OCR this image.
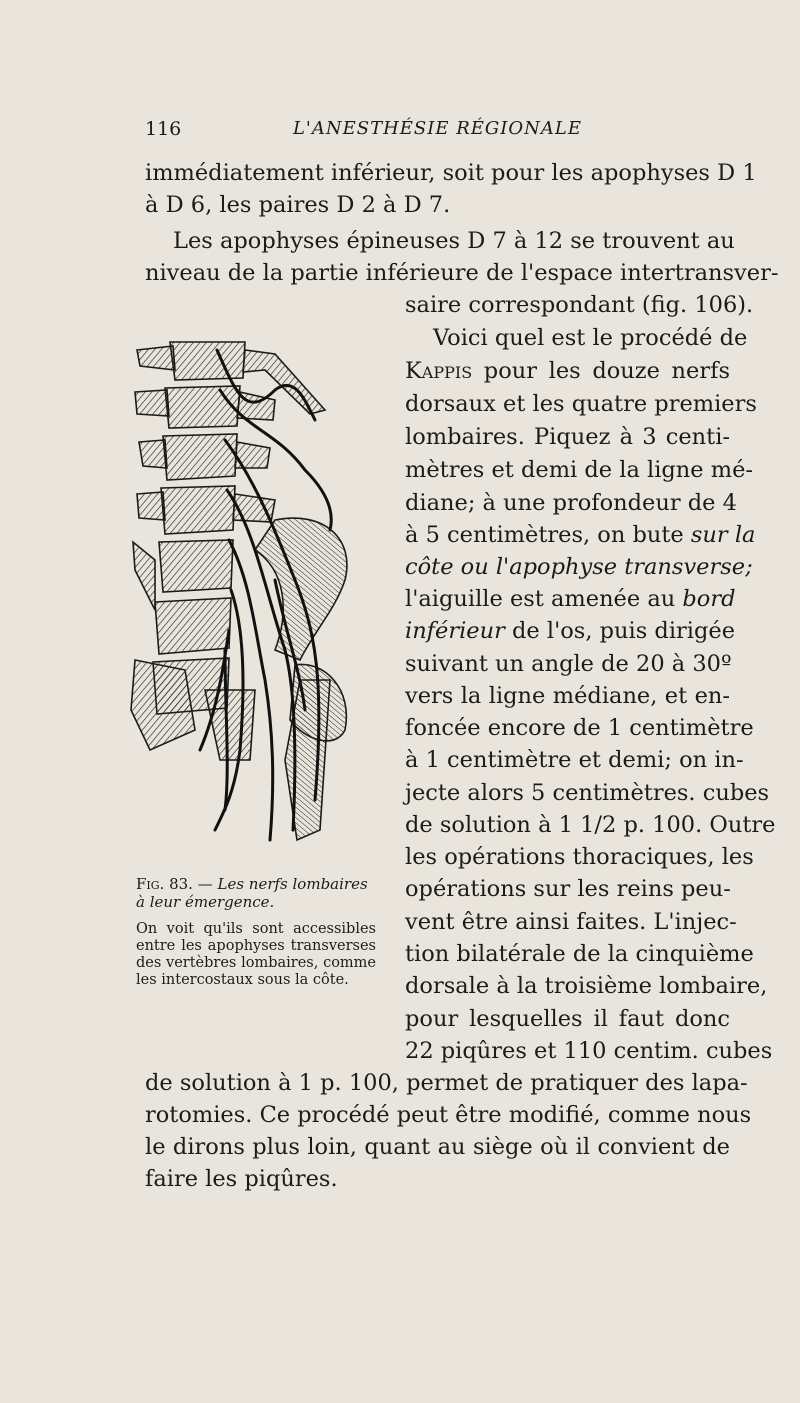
116	L'ANESTHÉSIE RÉGIONALE
immédiatement inférieur, soit pour les apophyses D 1
à D 6, les paires D 2 à D 7.
Les apophyses épineuses D 7 à 12 se trouvent au
niveau de la partie inférieure de l'espace intertransver-
saire correspondant (fig. 106).
Voici quel est le procédé de
Kappis pour les douze nerfs
dorsaux et les quatre premiers
lombaires. Piquez à 3 centi-
mètres et demi de la ligne mé-
diane; à une profondeur de 4
à 5 centimètres, on bute sur la
côte ou l'apophyse transverse;
l'aiguille est amenée au bord
inférieur de l'os, puis dirigée
suivant un angle de 20 à 30º
vers la ligne médiane, et en-
foncée encore de 1 centimètre
à 1 centimètre et demi; on in-
jecte alors 5 centimètres. cubes
de solution à 1 1/2 p. 100. Outre
les opérations thoraciques, les
opérations sur les reins peu-
vent être ainsi faites. L'injec-
tion bilatérale de la cinquième
dorsale à la troisième lombaire,
pour lesquelles il faut donc
22 piqûres et 110 centim. cubes
de solution à 1 p. 100, permet de pratiquer des lapa-
rotomies. Ce procédé peut être modifié, comme nous
le dirons plus loin, quant au siège où il convient de
faire les piqûres.
Fig. 83. — Les nerfs lombaires à leur émergence.
On voit qu'ils sont accessibles entre les apophyses transverses des vertèbres lombaires, comme les intercostaux sous la côte.
